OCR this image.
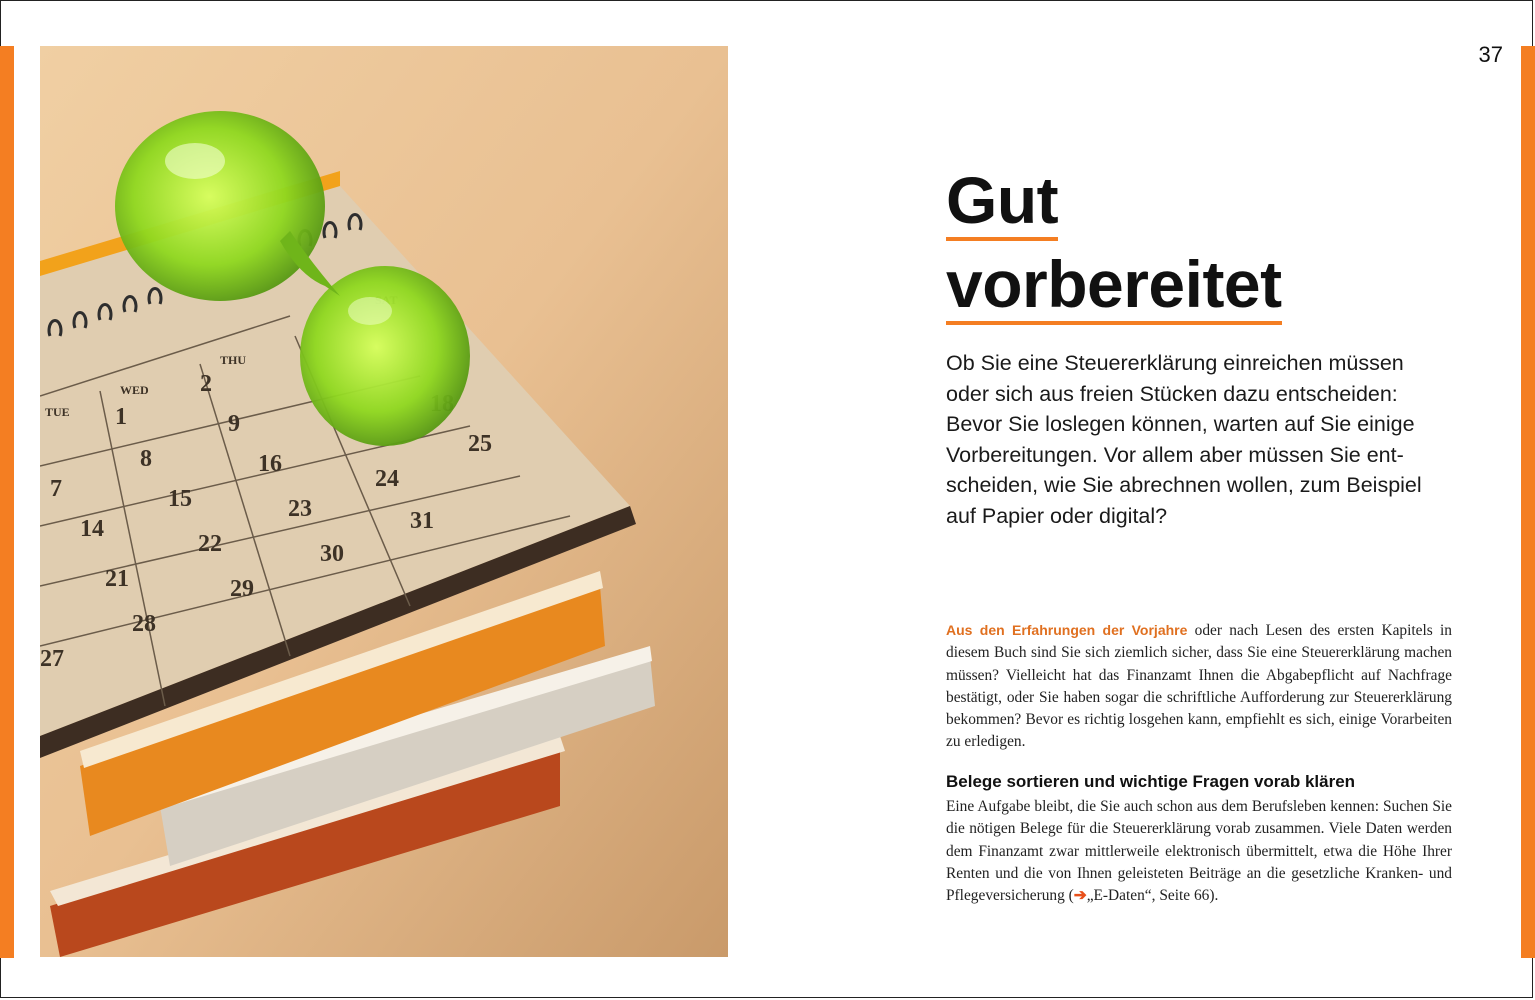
37
TUE
WED
THU
1
2
7
8
9
14
15
16
21
22
23
24
25
27
28
29
30
31
Gut
vorbereitet

Ob Sie eine Steuererklärung einreichen müssen oder sich aus freien Stücken dazu entscheiden: Bevor Sie loslegen können, warten auf Sie einige Vorbereitungen. Vor allem aber müssen Sie entscheiden, wie Sie abrechnen wollen, zum Beispiel auf Papier oder digital?

Aus den Erfahrungen der Vorjahre oder nach Lesen des ersten Kapitels in diesem Buch sind Sie sich ziemlich sicher, dass Sie eine Steuererklärung machen müssen? Vielleicht hat das Finanzamt Ihnen die Abgabepflicht auf Nachfrage bestätigt, oder Sie haben sogar die schriftliche Aufforderung zur Steuererklärung bekommen? Bevor es richtig losgehen kann, empfiehlt es sich, einige Vorarbeiten zu erledigen.

Belege sortieren und wichtige Fragen vorab klären

Eine Aufgabe bleibt, die Sie auch schon aus dem Berufsleben kennen: Suchen Sie die nötigen Belege für die Steuererklärung vorab zusammen. Viele Daten werden dem Finanzamt zwar mittlerweile elektronisch übermittelt, etwa die Höhe Ihrer Renten und die von Ihnen geleisteten Beiträge an die gesetzliche Kranken- und Pflegeversicherung (➔„E-Daten“, Seite 66).
